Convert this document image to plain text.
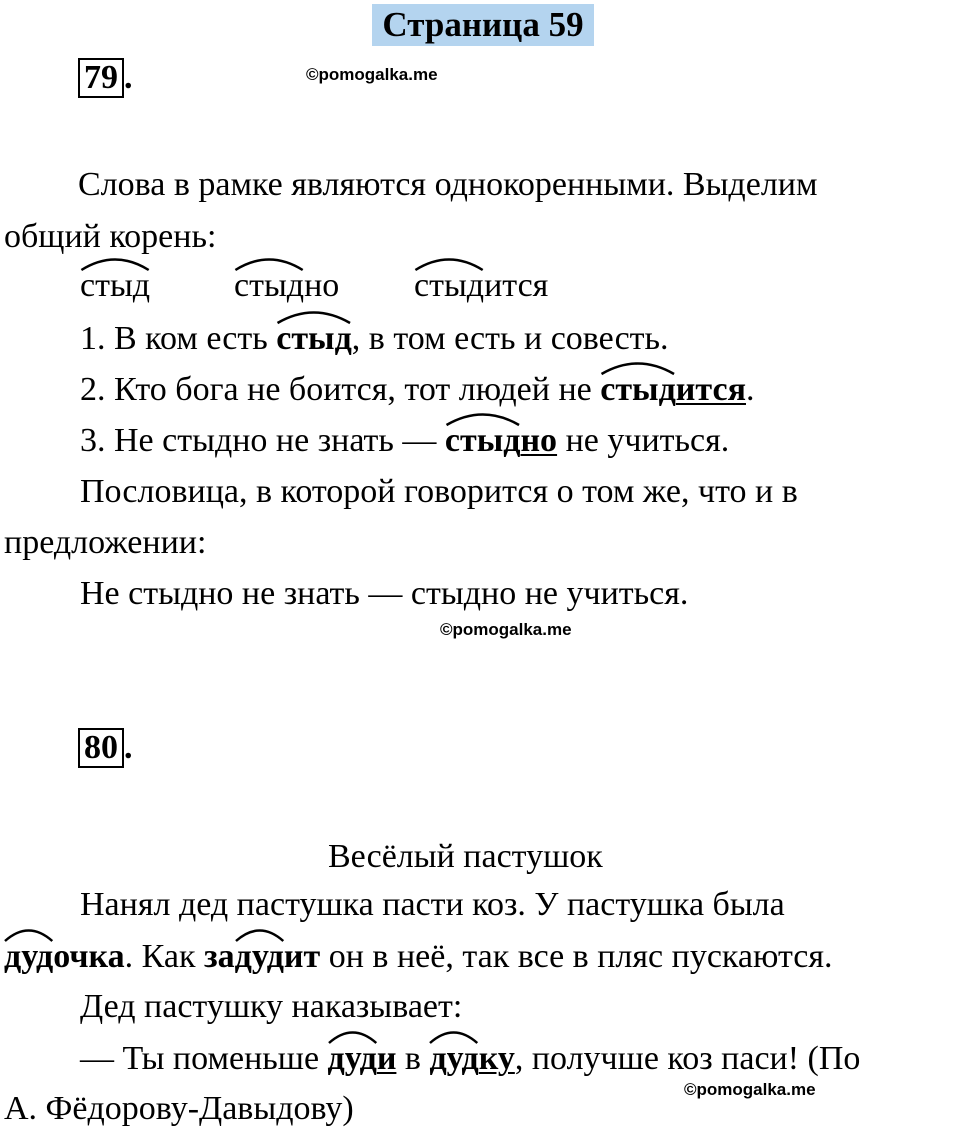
Страница 59
79 .	©pomogalka.me
Слова в рамке являются однокоренными. Выделим
общий корень:
стыд стыдно стыдится
1. В ком есть
стыд, в том есть и совесть.
2. Кто бога не боится, тот людей не
стыдится.
3. Не стыдно не знать —
стыдно не учиться.
Пословица, в которой говорится о том же, что и в
предложении:
Не стыдно не знать — стыдно не учиться.
©pomogalka.me
80 .
Весёлый пастушок
Нанял дед пастушка пасти коз. У пастушка была
дудочка. Как за
дудит он в неё, так все в пляс пускаются.
Дед пастушку наказывает:
— Ты поменьше
дуди в
дудку, получше коз паси! (По
©pomogalka.me
А. Фёдорову-Давыдову)
